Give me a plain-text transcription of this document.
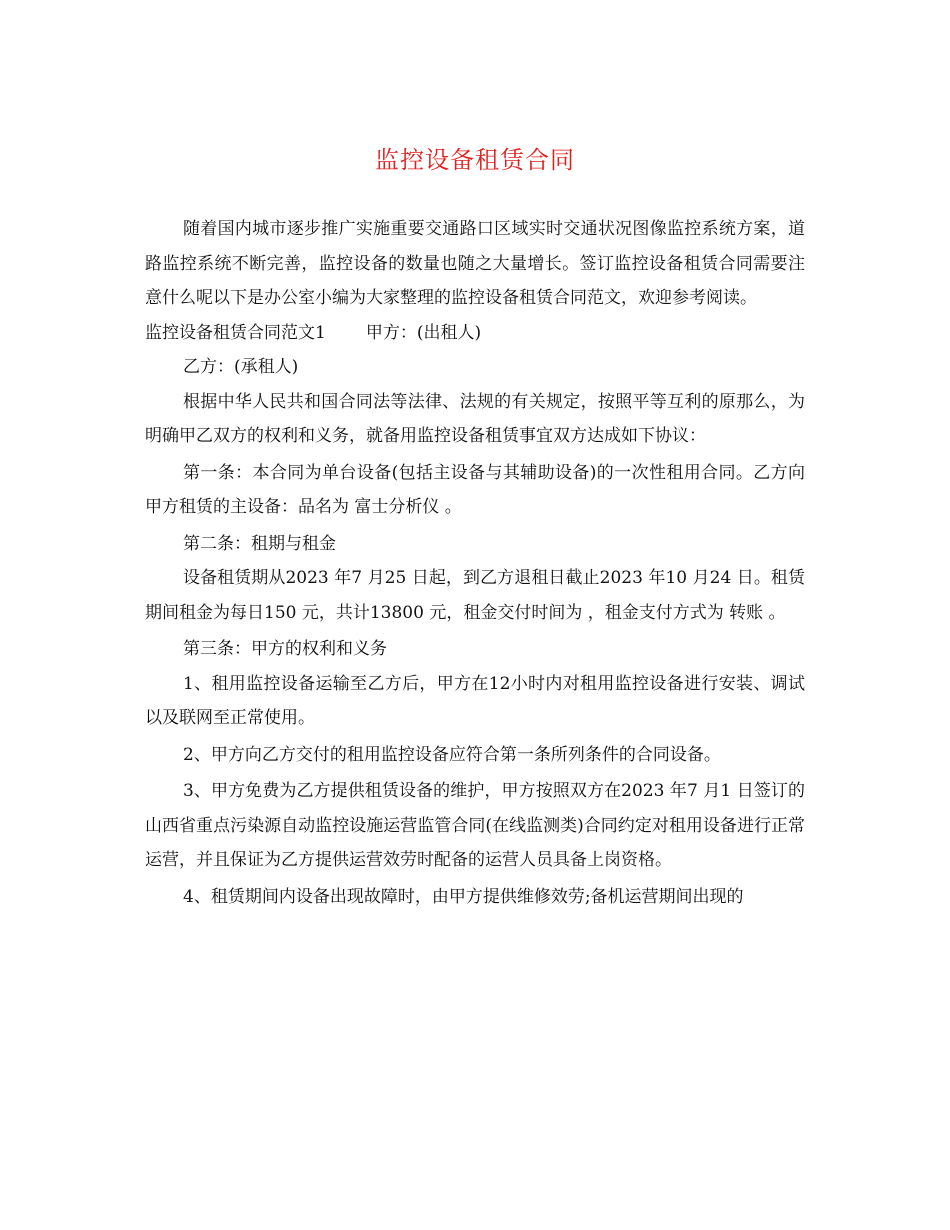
监控设备租赁合同

随着国内城市逐步推广实施重要交通路口区域实时交通状况图像监控系统方案，道路监控系统不断完善，监控设备的数量也随之大量增长。签订监控设备租赁合同需要注意什么呢以下是办公室小编为大家整理的监控设备租赁合同范文，欢迎参考阅读。

监控设备租赁合同范文1 甲方：(出租人)

乙方：(承租人)

根据中华人民共和国合同法等法律、法规的有关规定，按照平等互利的原那么，为明确甲乙双方的权利和义务，就备用监控设备租赁事宜双方达成如下协议：

第一条：本合同为单台设备(包括主设备与其辅助设备)的一次性租用合同。乙方向甲方租赁的主设备：品名为 富士分析仪 。

第二条：租期与租金

设备租赁期从2023 年7 月25 日起，到乙方退租日截止2023 年10 月24 日。租赁期间租金为每日150 元，共计13800 元，租金交付时间为 ，租金支付方式为 转账 。

第三条：甲方的权利和义务

1、租用监控设备运输至乙方后，甲方在12小时内对租用监控设备进行安装、调试以及联网至正常使用。

2、甲方向乙方交付的租用监控设备应符合第一条所列条件的合同设备。

3、甲方免费为乙方提供租赁设备的维护，甲方按照双方在2023 年7 月1 日签订的山西省重点污染源自动监控设施运营监管合同(在线监测类)合同约定对租用设备进行正常运营，并且保证为乙方提供运营效劳时配备的运营人员具备上岗资格。

4、租赁期间内设备出现故障时，由甲方提供维修效劳;备机运营期间出现的
